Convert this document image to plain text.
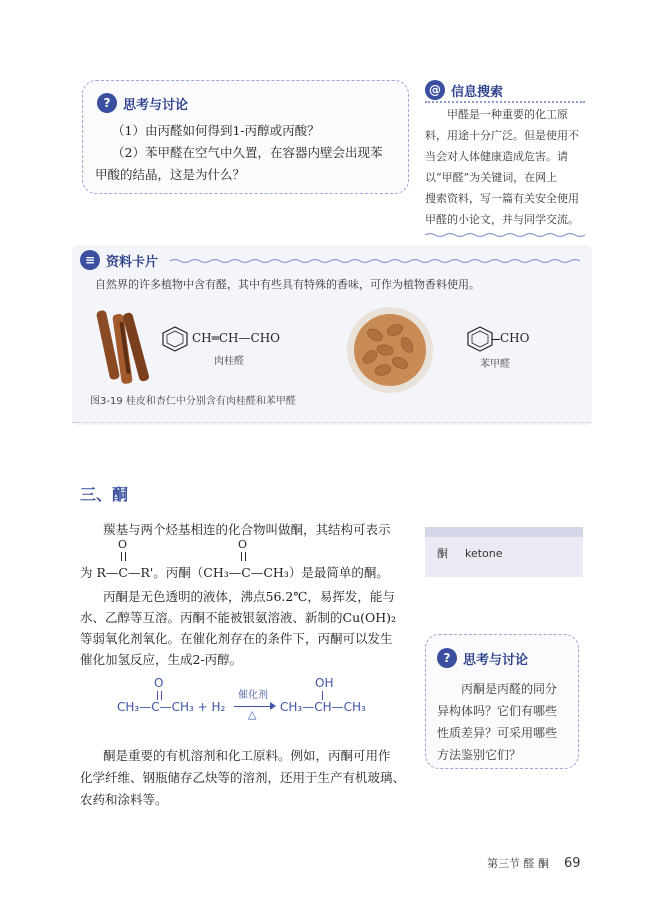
? 思考与讨论
（1）由丙醛如何得到1-丙醇或丙酸？
（2）苯甲醛在空气中久置，在容器内壁会出现苯
甲酸的结晶，这是为什么？
@ 信息搜索
甲醛是一种重要的化工原
料，用途十分广泛。但是使用不
当会对人体健康造成危害。请
以“甲醛”为关键词，在网上
搜索资料，写一篇有关安全使用
甲醛的小论文，并与同学交流。
≡ 资料卡片
自然界的许多植物中含有醛，其中有些具有特殊的香味，可作为植物香料使用。
CH═CH—CHO
肉桂醛
CHO
苯甲醛
图3-19 桂皮和杏仁中分别含有肉桂醛和苯甲醛
三、酮
羰基与两个烃基相连的化合物叫做酮，其结构可表示
O	O
为 R—C—R'。丙酮（CH₃—C—CH₃）是最简单的酮。
丙酮是无色透明的液体，沸点56.2℃，易挥发，能与
水、乙醇等互溶。丙酮不能被银氨溶液、新制的Cu(OH)₂
等弱氧化剂氧化。在催化剂存在的条件下，丙酮可以发生
催化加氢反应，生成2-丙醇。
O
CH₃—C—CH₃ + H₂
催化剂
△
OH
CH₃—CH—CH₃
酮是重要的有机溶剂和化工原料。例如，丙酮可用作
化学纤维、钢瓶储存乙炔等的溶剂，还用于生产有机玻璃、
农药和涂料等。
酮 ketone
? 思考与讨论
丙酮是丙醛的同分
异构体吗？它们有哪些
性质差异？可采用哪些
方法鉴别它们？
第三节 醛 酮 69
